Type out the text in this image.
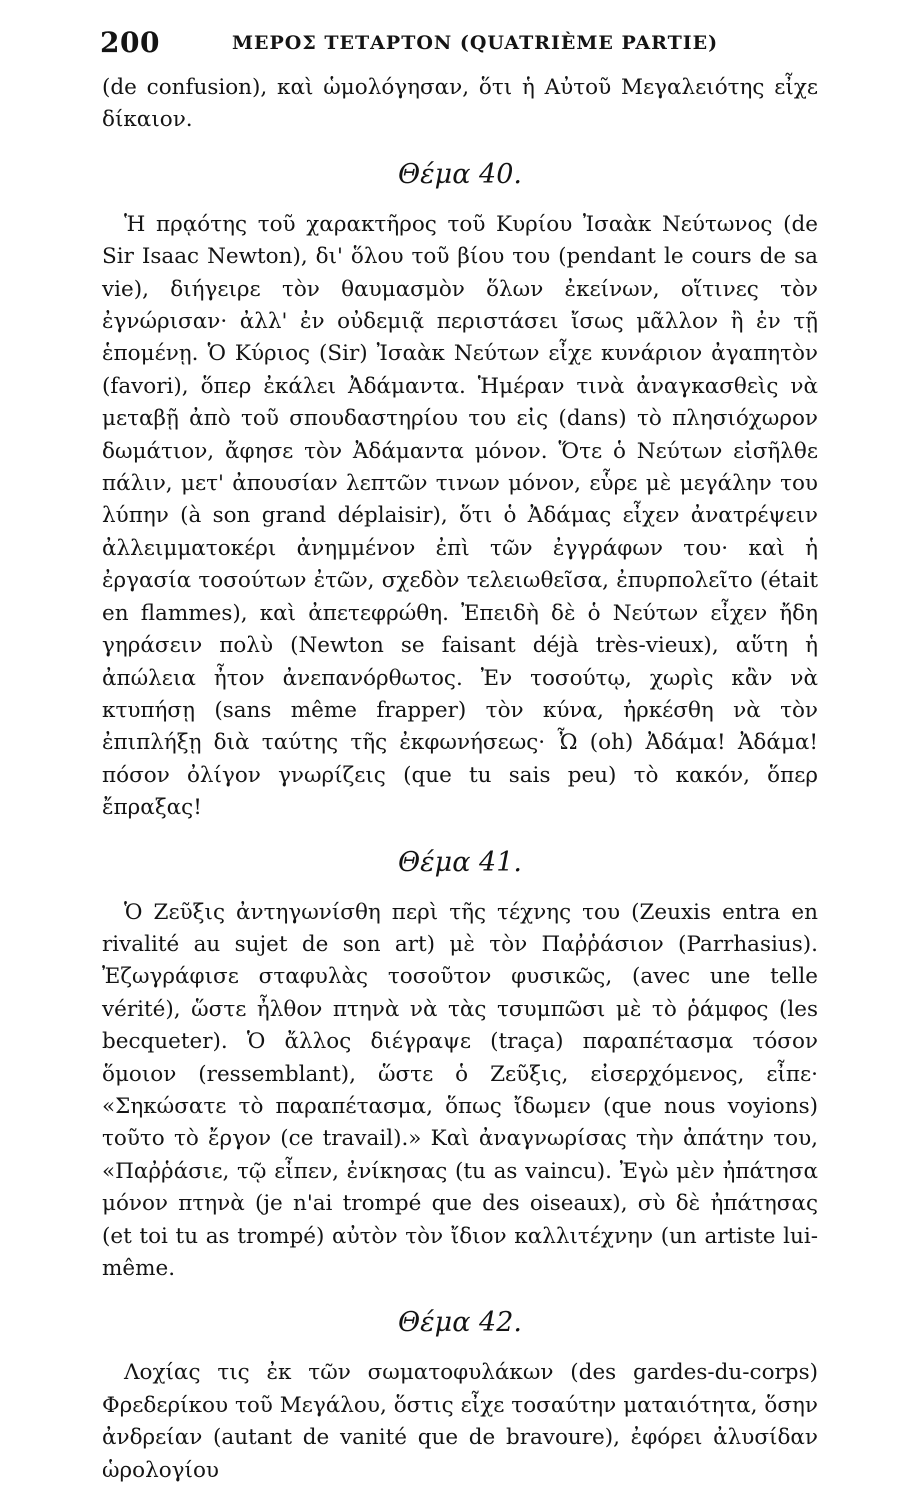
200	ΜΕΡΟΣ ΤΕΤΑΡΤΟΝ (QUATRIÈME PARTIE)

(de confusion), καὶ ὡμολόγησαν, ὅτι ἡ Αὐτοῦ Μεγαλειότης εἶχε δίκαιον.

Θέμα 40.

Ἡ πρᾳότης τοῦ χαρακτῆρος τοῦ Κυρίου Ἰσαὰκ Νεύτωνος (de Sir Isaac Newton), δι' ὅλου τοῦ βίου του (pendant le cours de sa vie), διήγειρε τὸν θαυμασμὸν ὅλων ἐκείνων, οἵτινες τὸν ἐγνώρισαν· ἀλλ' ἐν οὐδεμιᾷ περιστάσει ἴσως μᾶλλον ἢ ἐν τῇ ἑπομένῃ. Ὁ Κύριος (Sir) Ἰσαὰκ Νεύτων εἶχε κυνάριον ἀγαπητὸν (favori), ὅπερ ἐκάλει Ἀδάμαντα. Ἡμέραν τινὰ ἀναγκασθεὶς νὰ μεταβῇ ἀπὸ τοῦ σπουδαστηρίου του εἰς (dans) τὸ πλησιόχωρον δωμάτιον, ἄφησε τὸν Ἀδάμαντα μόνον. Ὅτε ὁ Νεύτων εἰσῆλθε πάλιν, μετ' ἀπουσίαν λεπτῶν τινων μόνον, εὗρε μὲ μεγάλην του λύπην (à son grand déplaisir), ὅτι ὁ Ἀδάμας εἶχεν ἀνατρέψειν ἀλλειμματοκέρι ἀνημμένον ἐπὶ τῶν ἐγγράφων του· καὶ ἡ ἐργασία τοσούτων ἐτῶν, σχεδὸν τελειωθεῖσα, ἐπυρπολεῖτο (était en flammes), καὶ ἀπετεφρώθη. Ἐπειδὴ δὲ ὁ Νεύτων εἶχεν ἤδη γηράσειν πολὺ (Newton se faisant déjà très-vieux), αὕτη ἡ ἀπώλεια ἦτον ἀνεπανόρθωτος. Ἐν τοσούτῳ, χωρὶς κἂν νὰ κτυπήσῃ (sans même frapper) τὸν κύνα, ἠρκέσθη νὰ τὸν ἐπιπλήξῃ διὰ ταύτης τῆς ἐκφωνήσεως· Ὦ (oh) Ἀδάμα! Ἀδάμα! πόσον ὀλίγον γνωρίζεις (que tu sais peu) τὸ κακόν, ὅπερ ἔπραξας!

Θέμα 41.

Ὁ Ζεῦξις ἀντηγωνίσθη περὶ τῆς τέχνης του (Zeuxis entra en rivalité au sujet de son art) μὲ τὸν Παῤῥάσιον (Parrhasius). Ἐζωγράφισε σταφυλὰς τοσοῦτον φυσικῶς, (avec une telle vérité), ὥστε ἦλθον πτηνὰ νὰ τὰς τσυμπῶσι μὲ τὸ ῥάμφος (les becqueter). Ὁ ἄλλος διέγραψε (traça) παραπέτασμα τόσον ὅμοιον (ressemblant), ὥστε ὁ Ζεῦξις, εἰσερχόμενος, εἶπε· «Σηκώσατε τὸ παραπέτασμα, ὅπως ἴδωμεν (que nous voyions) τοῦτο τὸ ἔργον (ce travail).» Καὶ ἀναγνωρίσας τὴν ἀπάτην του, «Παῤῥάσιε, τῷ εἶπεν, ἐνίκησας (tu as vaincu). Ἐγὼ μὲν ἠπάτησα μόνον πτηνὰ (je n'ai trompé que des oiseaux), σὺ δὲ ἠπάτησας (et toi tu as trompé) αὐτὸν τὸν ἴδιον καλλιτέχνην (un artiste lui-même.

Θέμα 42.

Λοχίας τις ἐκ τῶν σωματοφυλάκων (des gardes-du-corps) Φρεδερίκου τοῦ Μεγάλου, ὅστις εἶχε τοσαύτην ματαιότητα, ὅσην ἀνδρείαν (autant de vanité que de bravoure), ἐφόρει ἀλυσίδαν ὡρολογίου
